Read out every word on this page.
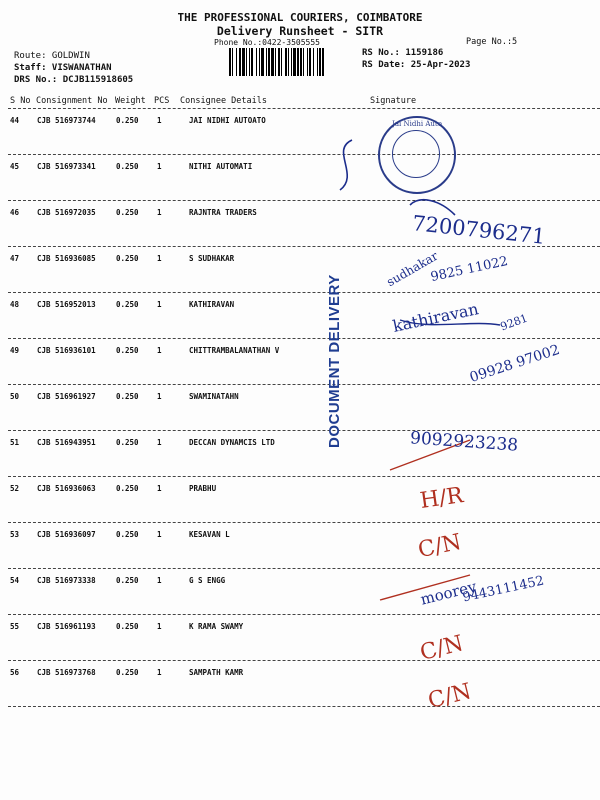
THE PROFESSIONAL COURIERS, COIMBATORE
Delivery Runsheet - SITR
Phone No.:0422-3505555	Page No.:5
Route: GOLDWIN
Staff: VISWANATHAN
DRS No.: DCJB115918605
RS No.: 1159186
RS Date: 25-Apr-2023
S No Consignment No Weight PCS Consignee Details	Signature
44 CJB 516973744	0.250 1	JAI NIDHI AUTOATO
45 CJB 516973341	0.250 1	NITHI AUTOMATI
46 CJB 516972035	0.250 1	RAJNTRA TRADERS
47 CJB 516936085	0.250 1	S SUDHAKAR
48 CJB 516952013	0.250 1	KATHIRAVAN
49 CJB 516936101	0.250 1	CHITTRAMBALANATHAN V
50 CJB 516961927	0.250 1	SWAMINATAHN
51 CJB 516943951	0.250 1	DECCAN DYNAMCIS LTD
52 CJB 516936063	0.250 1	PRABHU
53 CJB 516936097	0.250 1	KESAVAN L
54 CJB 516973338	0.250 1	G S ENGG
55 CJB 516961193	0.250 1	K RAMA SWAMY
56 CJB 516973768	0.250 1	SAMPATH KAMR
Jai Nidhi Auto
DOCUMENT DELIVERY
7200796271
sudhakar
9825 11022
kathiravan 9281
09928 97002
9092923238
H/R
C/N
moorey
9443111452
C/N
C/N
